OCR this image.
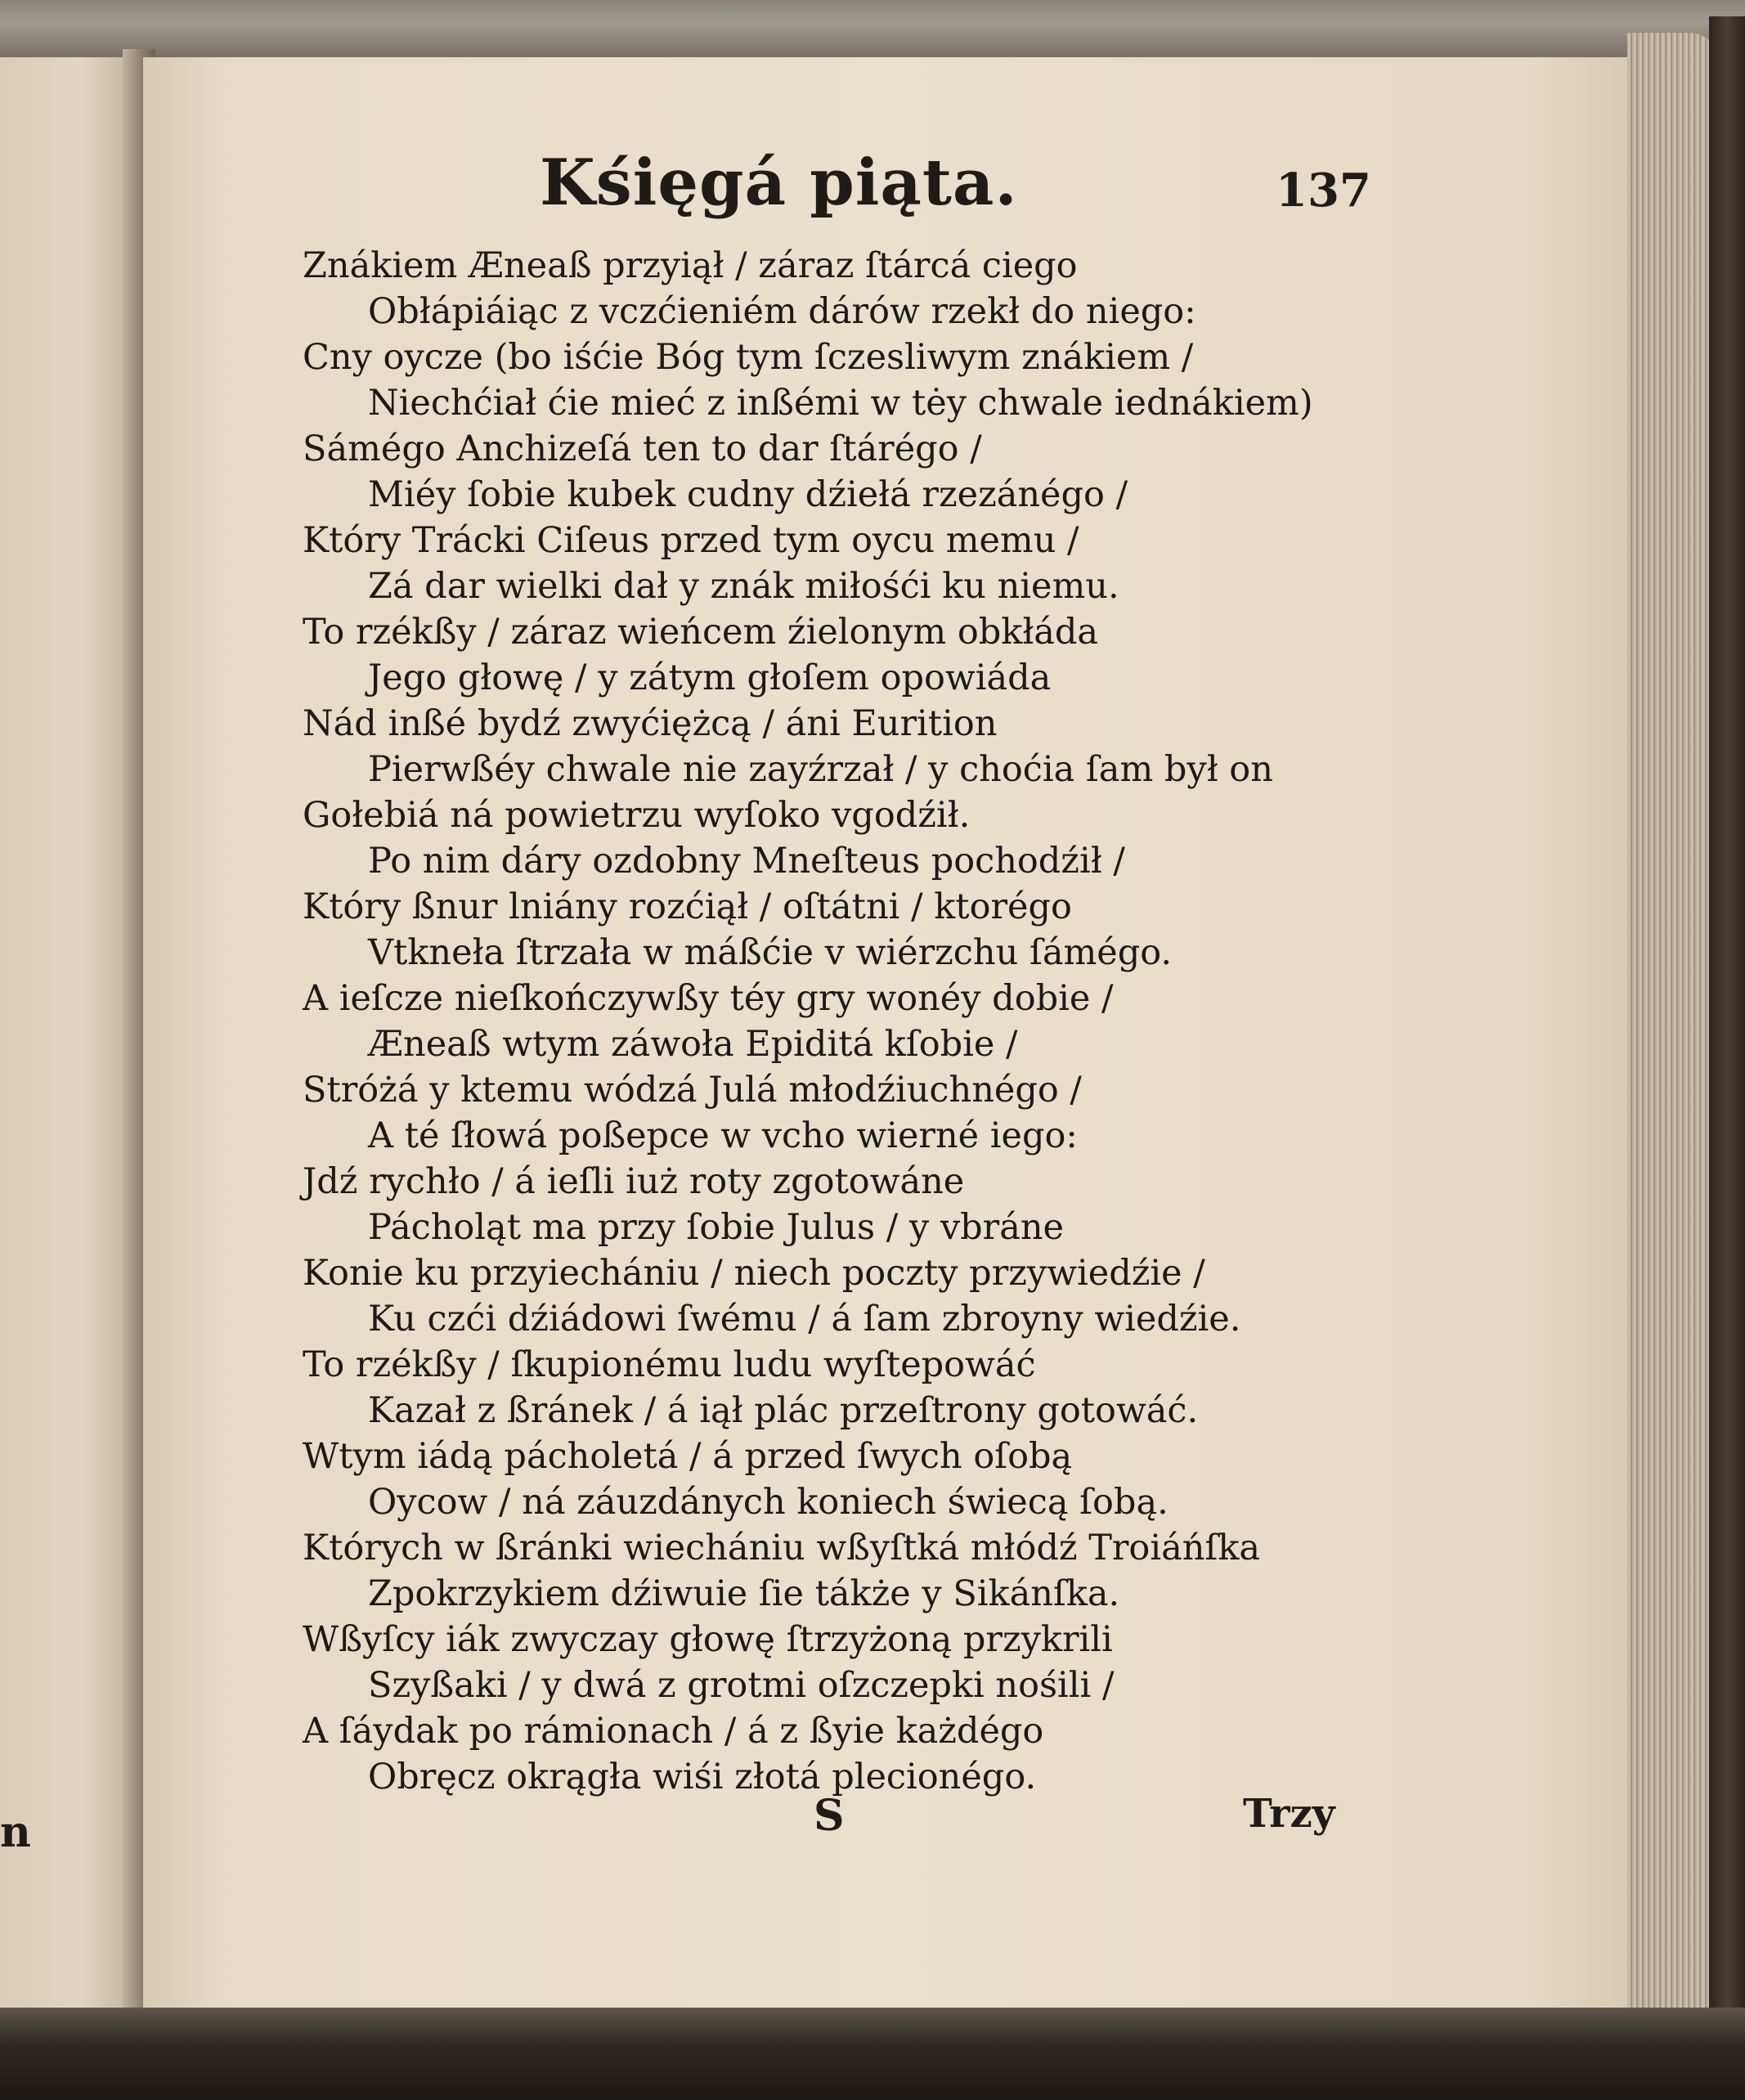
n
Kśięgá piąta.	137
Znákiem Æneaß przyiął / záraz ſtárcá ciego
Obłápiáiąc z vczćieniém dárów rzekł do niego:
Cny oycze (bo iśćie Bóg tym ſczesliwym znákiem /
Niechćiał ćie mieć z inßémi w tėy chwale iednákiem)
Sámégo Anchizeſá ten to dar ſtárégo /
Miéy ſobie kubek cudny dźiełá rzezánégo /
Który Trácki Ciſeus przed tym oycu memu /
Zá dar wielki dał y znák miłośći ku niemu.
To rzékßy / záraz wieńcem źielonym obkłáda
Jego głowę / y zátym głoſem opowiáda
Nád inßé bydź zwyćiężcą / áni Eurition
Pierwßéy chwale nie zayźrzał / y choćia ſam był on
Gołebiá ná powietrzu wyſoko vgodźił.
Po nim dáry ozdobny Mneſteus pochodźił /
Który ßnur lniány rozćiął / oſtátni / ktorégo
Vtkneła ſtrzała w máßćie v wiérzchu ſámégo.
A ieſcze nieſkończywßy téy gry wonéy dobie /
Æneaß wtym záwoła Epiditá kſobie /
Stróżá y ktemu wódzá Julá młodźiuchnégo /
A té ſłowá poßepce w vcho wierné iego:
Jdź rychło / á ieſli iuż roty zgotowáne
Pácholąt ma przy ſobie Julus / y vbráne
Konie ku przyiechániu / niech poczty przywiedźie /
Ku czći dźiádowi ſwému / á ſam zbroyny wiedźie.
To rzékßy / ſkupionému ludu wyſtepowáć
Kazał z ßránek / á iął plác przeſtrony gotowáć.
Wtym iádą pácholetá / á przed ſwych oſobą
Oycow / ná záuzdánych koniech świecą ſobą.
Których w ßránki wiechániu wßyſtká młódź Troiáńſka
Zpokrzykiem dźiwuie ſie tákże y Sikánſka.
Wßyſcy iák zwyczay głowę ſtrzyżoną przykrili
Szyßaki / y dwá z grotmi oſzczepki nośili /
A ſáydak po rámionach / á z ßyie każdégo
Obręcz okrągła wiśi złotá plecionégo.
S	Trzy
